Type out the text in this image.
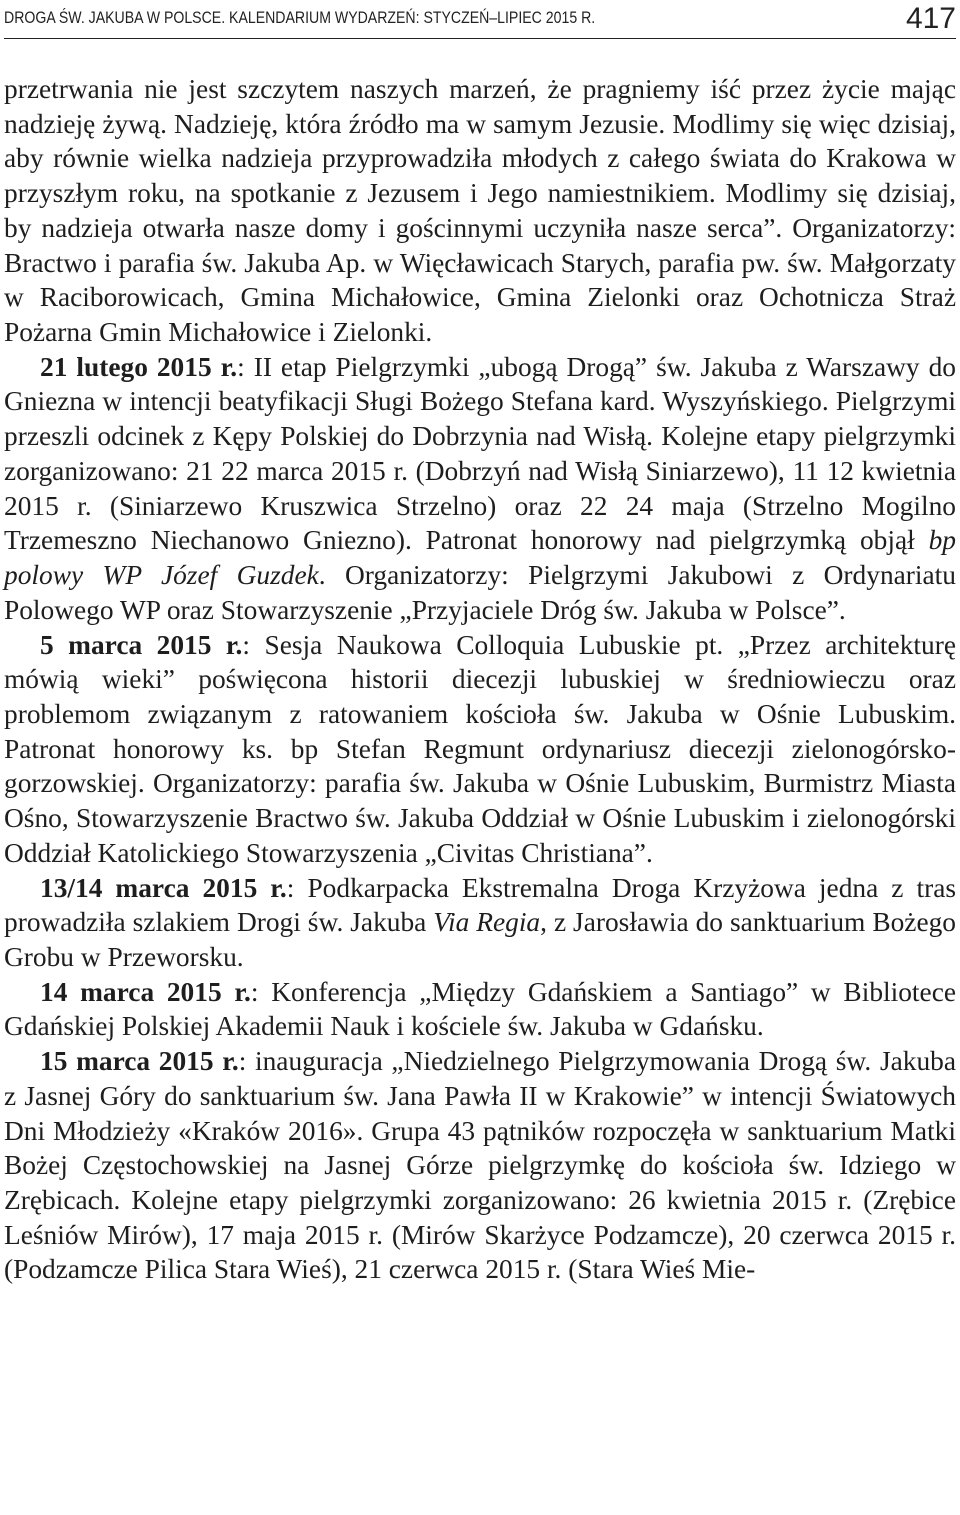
DROGA ŚW. JAKUBA W POLSCE. KALENDARIUM WYDARZEŃ: STYCZEŃ–LIPIEC 2015 R.	417

przetrwania nie jest szczytem naszych marzeń, że pragniemy iść przez życie mając nadzieję żywą. Nadzieję, która źródło ma w samym Jezusie. Modlimy się więc dzisiaj, aby równie wielka nadzieja przyprowadziła młodych z całego świata do Krakowa w przyszłym roku, na spotkanie z Jezusem i Jego namiestnikiem. Modlimy się dzisiaj, by nadzieja otwarła nasze domy i gościnnymi uczyniła nasze serca”. Organizatorzy: Bractwo i parafia św. Jakuba Ap. w Więcławicach Starych, parafia pw. św. Małgorzaty w Raciborowicach, Gmina Michałowice, Gmina Zielonki oraz Ochotnicza Straż Pożarna Gmin Michałowice i Zielonki.

21 lutego 2015 r.: II etap Pielgrzymki „ubogą Drogą” św. Jakuba z Warszawy do Gniezna w intencji beatyfikacji Sługi Bożego Stefana kard. Wyszyńskiego. Pielgrzymi przeszli odcinek z Kępy Polskiej do Dobrzynia nad Wisłą. Kolejne etapy pielgrzymki zorganizowano: 21 22 marca 2015 r. (Dobrzyń nad Wisłą Siniarzewo), 11 12 kwietnia 2015 r. (Siniarzewo Kruszwica Strzelno) oraz 22 24 maja (Strzelno Mogilno Trzemeszno Niechanowo Gniezno). Patronat honorowy nad pielgrzymką objął bp polowy WP Józef Guzdek. Organizatorzy: Pielgrzymi Jakubowi z Ordynariatu Polowego WP oraz Stowarzyszenie „Przyjaciele Dróg św. Jakuba w Polsce”.

5 marca 2015 r.: Sesja Naukowa Colloquia Lubuskie pt. „Przez architekturę mówią wieki” poświęcona historii diecezji lubuskiej w średniowieczu oraz problemom związanym z ratowaniem kościoła św. Jakuba w Ośnie Lubuskim. Patronat honorowy ks. bp Stefan Regmunt ordynariusz diecezji zielonogórsko-gorzowskiej. Organizatorzy: parafia św. Jakuba w Ośnie Lubuskim, Burmistrz Miasta Ośno, Stowarzyszenie Bractwo św. Jakuba Oddział w Ośnie Lubuskim i zielonogórski Oddział Katolickiego Stowarzyszenia „Civitas Christiana”.

13/14 marca 2015 r.: Podkarpacka Ekstremalna Droga Krzyżowa jedna z tras prowadziła szlakiem Drogi św. Jakuba Via Regia, z Jarosławia do sanktuarium Bożego Grobu w Przeworsku.

14 marca 2015 r.: Konferencja „Między Gdańskiem a Santiago” w Bibliotece Gdańskiej Polskiej Akademii Nauk i kościele św. Jakuba w Gdańsku.

15 marca 2015 r.: inauguracja „Niedzielnego Pielgrzymowania Drogą św. Jakuba z Jasnej Góry do sanktuarium św. Jana Pawła II w Krakowie” w intencji Światowych Dni Młodzieży «Kraków 2016». Grupa 43 pątników rozpoczęła w sanktuarium Matki Bożej Częstochowskiej na Jasnej Górze pielgrzymkę do kościoła św. Idziego w Zrębicach. Kolejne etapy pielgrzymki zorganizowano: 26 kwietnia 2015 r. (Zrębice Leśniów Mirów), 17 maja 2015 r. (Mirów Skarżyce Podzamcze), 20 czerwca 2015 r. (Podzamcze Pilica Stara Wieś), 21 czerwca 2015 r. (Stara Wieś Mie-
